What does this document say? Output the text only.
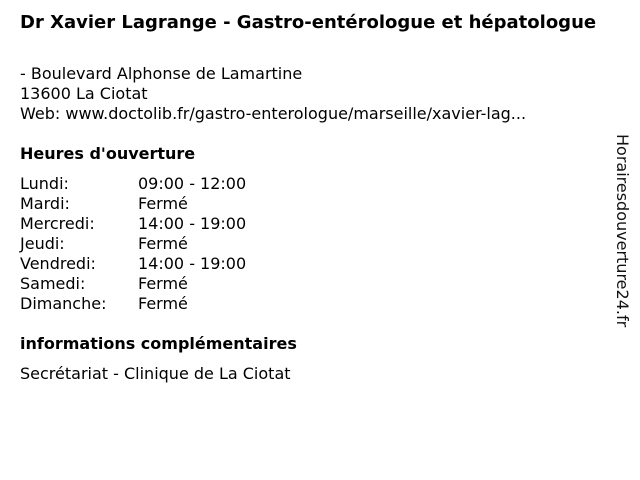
Dr Xavier Lagrange - Gastro-entérologue et hépatologue
- Boulevard Alphonse de Lamartine
13600 La Ciotat
Web: www.doctolib.fr/gastro-enterologue/marseille/xavier-lag...
Heures d'ouverture
Lundi:	09:00 - 12:00
Mardi:	Fermé
Mercredi:	14:00 - 19:00
Jeudi:	Fermé
Vendredi:	14:00 - 19:00
Samedi:	Fermé
Dimanche: Fermé
informations complémentaires
Secrétariat - Clinique de La Ciotat
Horairesdouverture24.fr
